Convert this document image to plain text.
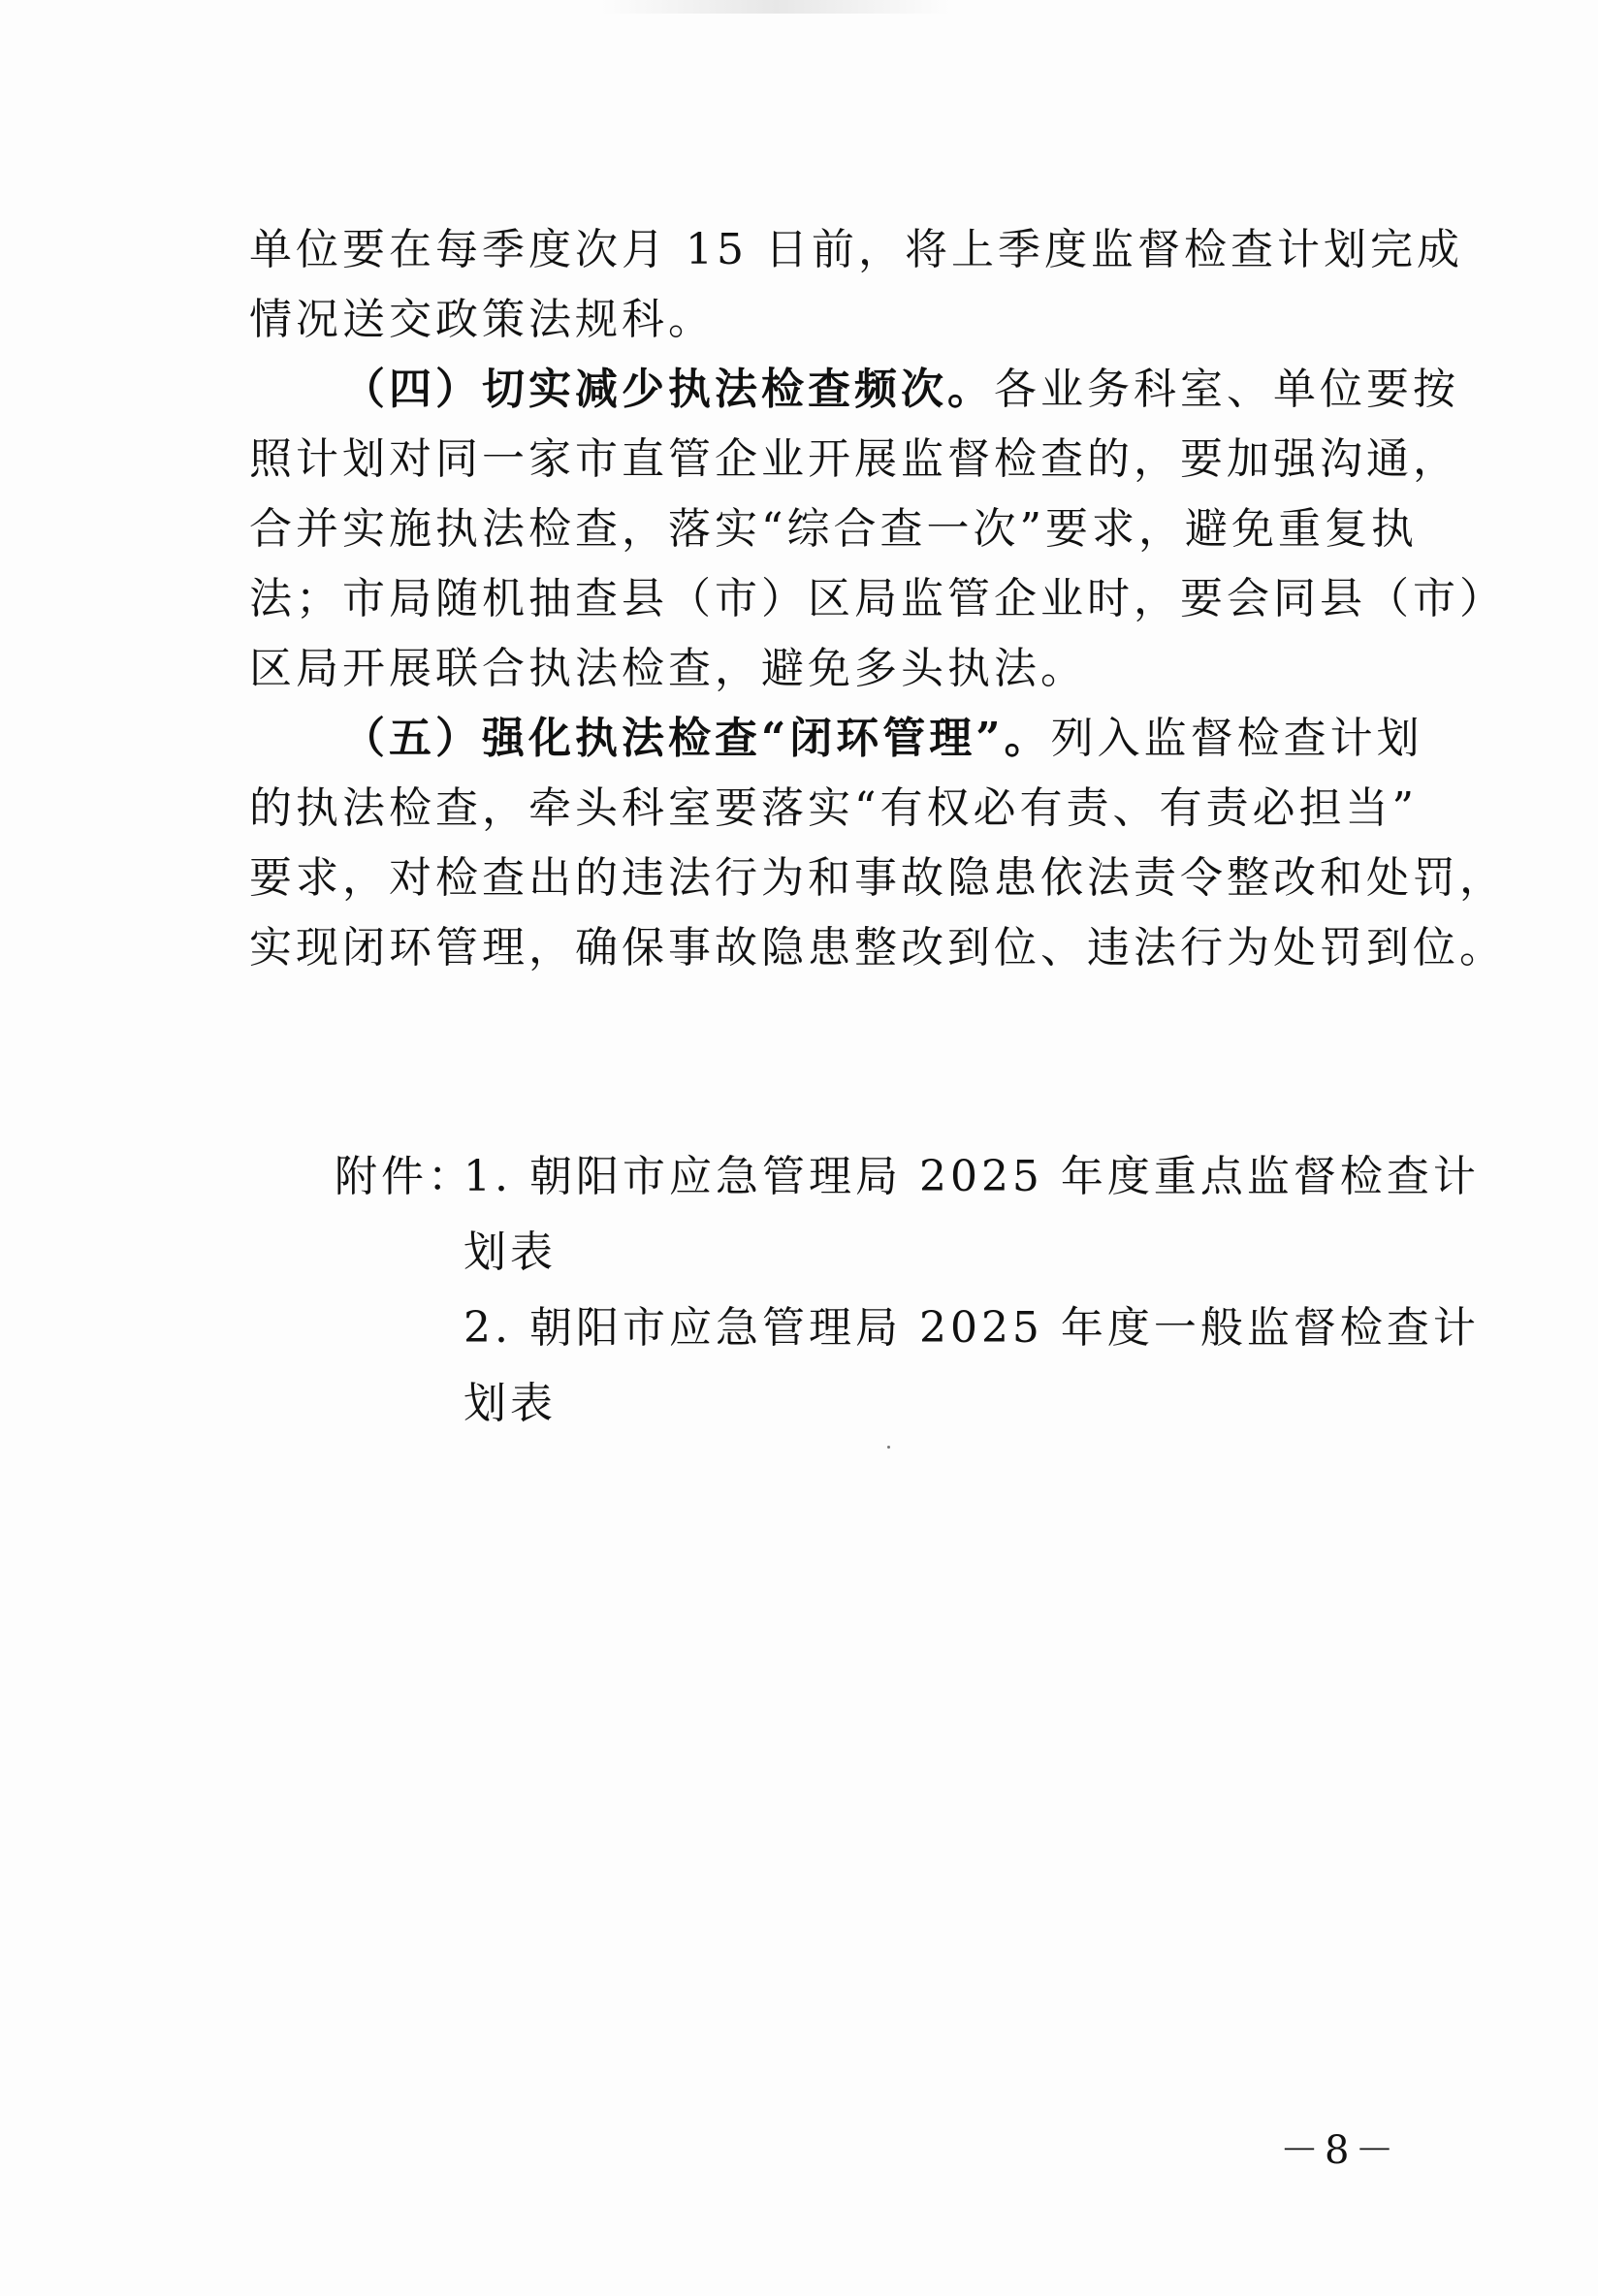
单位要在每季度次月 15 日前，将上季度监督检查计划完成
情况送交政策法规科。
（四）切实减少执法检查频次。各业务科室、单位要按
照计划对同一家市直管企业开展监督检查的，要加强沟通，
合并实施执法检查，落实“综合查一次”要求，避免重复执
法；市局随机抽查县（市）区局监管企业时，要会同县（市）
区局开展联合执法检查，避免多头执法。
（五）强化执法检查“闭环管理”。列入监督检查计划
的执法检查，牵头科室要落实“有权必有责、有责必担当”
要求，对检查出的违法行为和事故隐患依法责令整改和处罚，
实现闭环管理，确保事故隐患整改到位、违法行为处罚到位。
附件：
1. 朝阳市应急管理局 2025 年度重点监督检查计
划表
2. 朝阳市应急管理局 2025 年度一般监督检查计
划表
－8－
